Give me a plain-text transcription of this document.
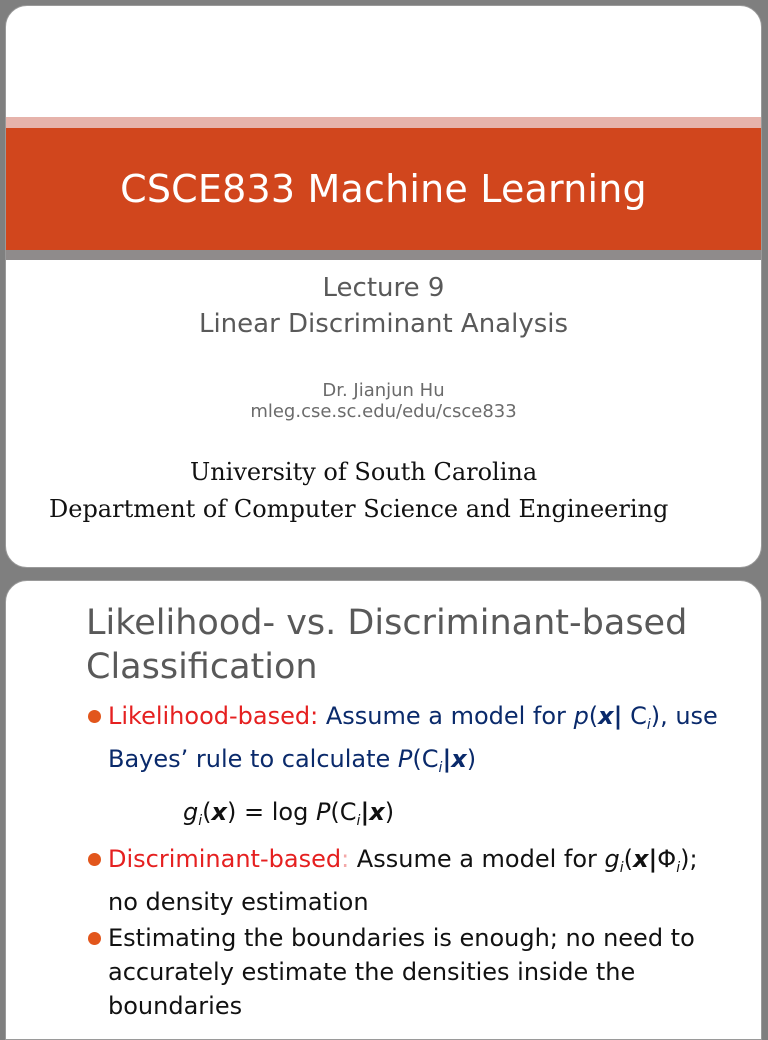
CSCE833 Machine Learning
Lecture 9
Linear Discriminant Analysis
Dr. Jianjun Hu
mleg.cse.sc.edu/edu/csce833
University of South Carolina
Department of Computer Science and Engineering
Likelihood- vs. Discriminant-based Classification
Likelihood-based: Assume a model for p(x| $C_i$), use Bayes’ rule to calculate $P(C_i|x)$
$g_i(x) = \log P(C_i|x)$
Discriminant-based: Assume a model for $g_i(x|\Phi_i)$; no density estimation
Estimating the boundaries is enough; no need to accurately estimate the densities inside the boundaries
